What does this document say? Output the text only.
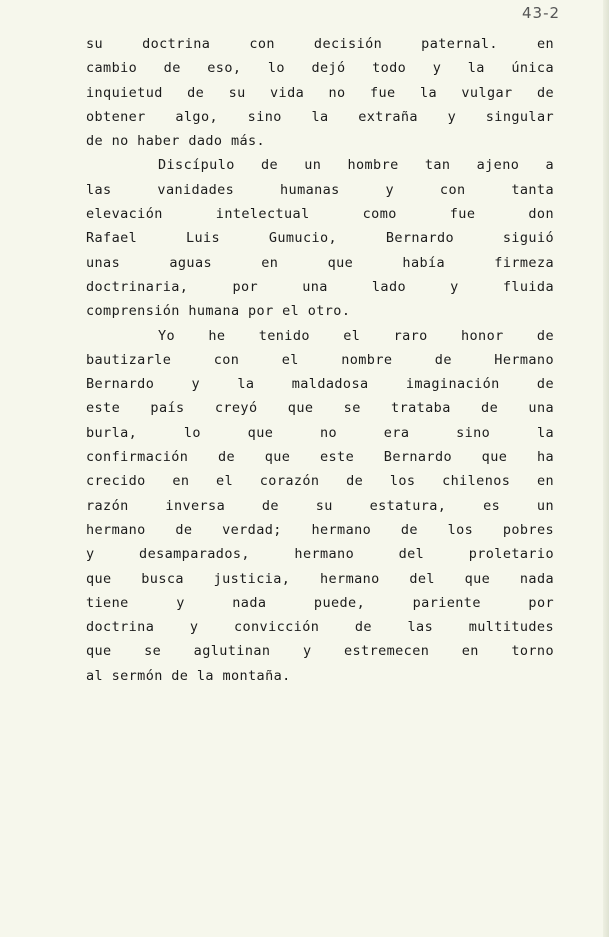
43-2

su doctrina con decisión paternal. en
cambio de eso, lo dejó todo y la única
inquietud de su vida no fue la vulgar de
obtener algo, sino la extraña y singular
de no haber dado más.

Discípulo de un hombre tan ajeno a
las vanidades humanas y con tanta
elevación intelectual como fue don
Rafael Luis Gumucio, Bernardo siguió
unas aguas en que había firmeza
doctrinaria, por una lado y fluida
comprensión humana por el otro.

Yo he tenido el raro honor de
bautizarle con el nombre de Hermano
Bernardo y la maldadosa imaginación de
este país creyó que se trataba de una
burla, lo que no era sino la
confirmación de que este Bernardo que ha
crecido en el corazón de los chilenos en
razón inversa de su estatura, es un
hermano de verdad; hermano de los pobres
y desamparados, hermano del proletario
que busca justicia, hermano del que nada
tiene y nada puede, pariente por
doctrina y convicción de las multitudes
que se aglutinan y estremecen en torno
al sermón de la montaña.
